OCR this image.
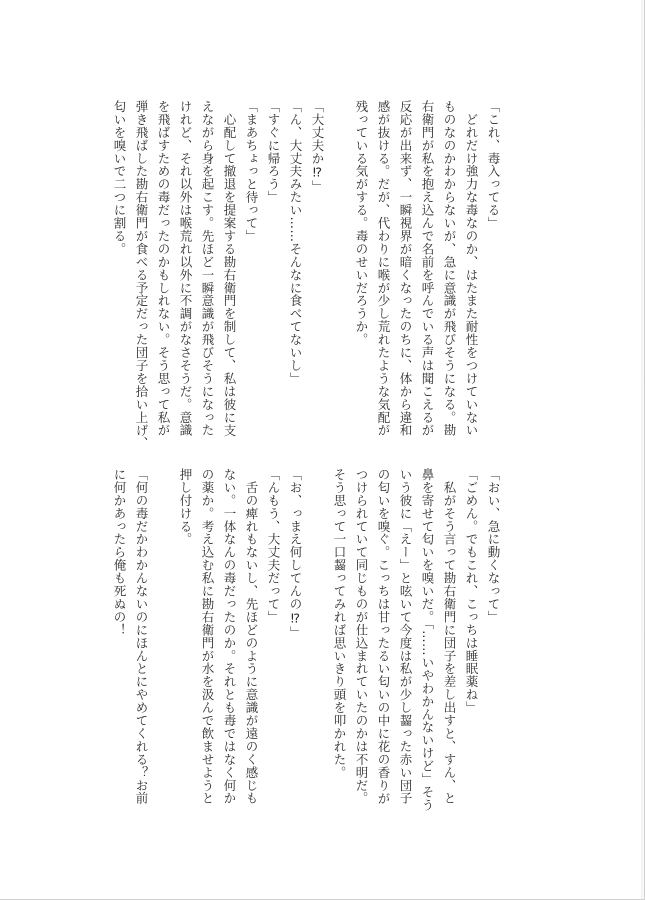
「これ、毒入ってる」
　どれだけ強力な毒なのか、はたまた耐性をつけていない
ものなのかわからないが、急に意識が飛びそうになる。勘
右衛門が私を抱え込んで名前を呼んでいる声は聞こえるが
反応が出来ず、一瞬視界が暗くなったのちに、体から違和
感が抜ける。だが、代わりに喉が少し荒れたような気配が
残っている気がする。毒のせいだろうか。
「大丈夫か⁉」
「ん、大丈夫みたい……そんなに食べてないし」
「すぐに帰ろう」
「まあちょっと待って」
　心配して撤退を提案する勘右衛門を制して、私は彼に支
えながら身を起こす。先ほど一瞬意識が飛びそうになった
けれど、それ以外は喉荒れ以外に不調がなさそうだ。意識
を飛ばすための毒だったのかもしれない。そう思って私が
弾き飛ばした勘右衛門が食べる予定だった団子を拾い上げ、
匂いを嗅いで二つに割る。
「おい、急に動くなって」
「ごめん。でもこれ、こっちは睡眠薬ね」
　私がそう言って勘右衛門に団子を差し出すと、すん、と
鼻を寄せて匂いを嗅いだ。「……いやわかんないけど」そう
いう彼に「えー」と呟いて今度は私が少し齧った赤い団子
の匂いを嗅ぐ。こっちは甘ったるい匂いの中に花の香りが
つけられていて同じものが仕込まれていたのかは不明だ。
そう思って一口齧ってみれば思いきり頭を叩かれた。
「お、っまえ何してんの⁉」
「んもう、大丈夫だって」
　舌の痺れもないし、先ほどのように意識が遠のく感じも
ない。一体なんの毒だったのか。それとも毒ではなく何か
の薬か。考え込む私に勘右衛門が水を汲んで飲ませようと
押し付ける。
「何の毒だかわかんないのにほんとにやめてくれる？お前
に何かあったら俺も死ぬの！
